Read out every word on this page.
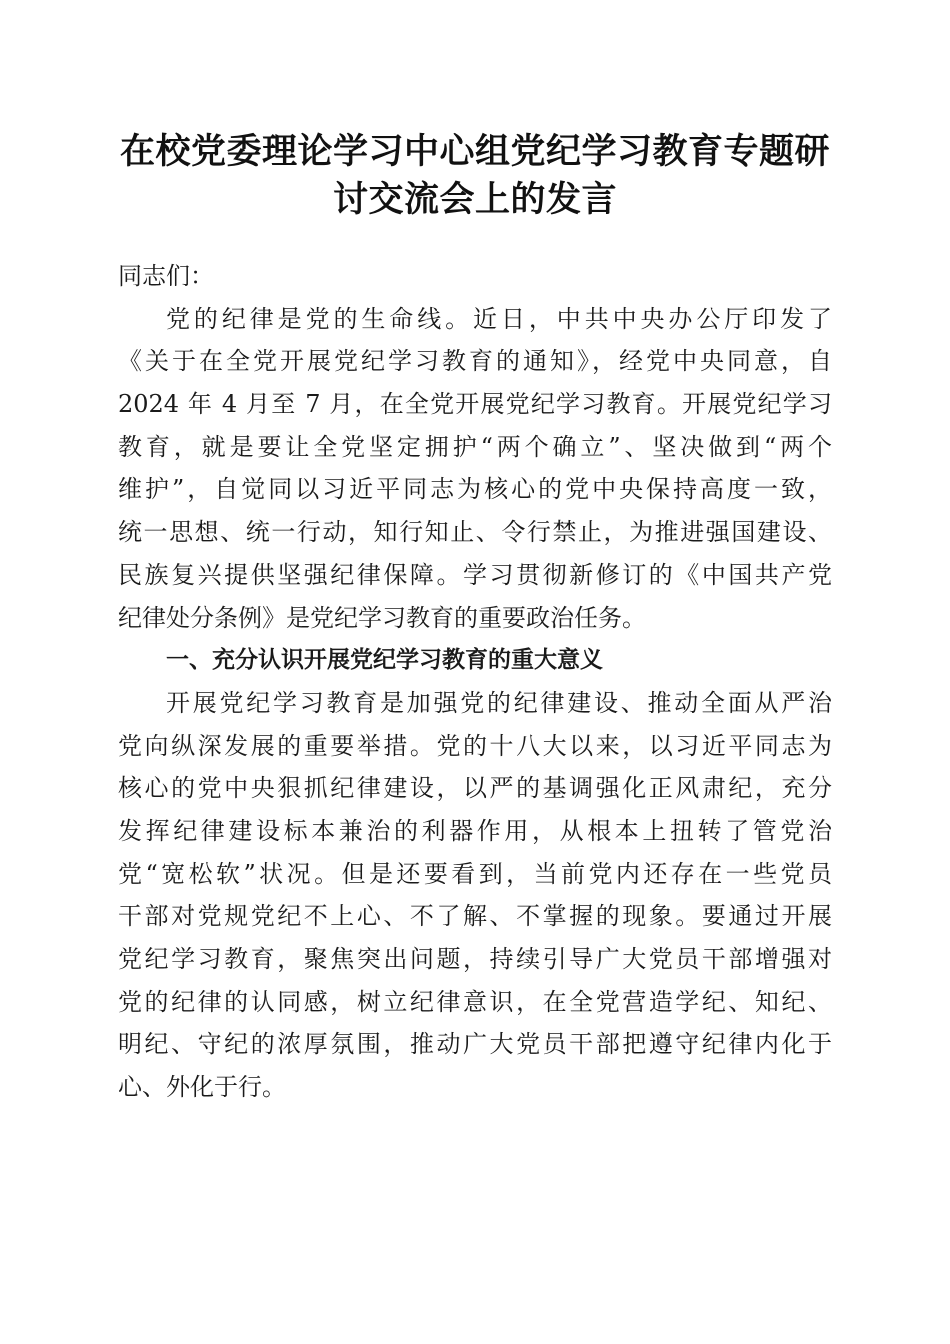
在校党委理论学习中心组党纪学习教育专题研
讨交流会上的发言
同志们：
党的纪律是党的生命线。近日，中共中央办公厅印发了
《关于在全党开展党纪学习教育的通知》，经党中央同意，自
2024 年 4 月至 7 月，在全党开展党纪学习教育。开展党纪学习
教育，就是要让全党坚定拥护“两个确立”、坚决做到“两个
维护”，自觉同以习近平同志为核心的党中央保持高度一致，
统一思想、统一行动，知行知止、令行禁止，为推进强国建设、
民族复兴提供坚强纪律保障。学习贯彻新修订的《中国共产党
纪律处分条例》是党纪学习教育的重要政治任务。
一、充分认识开展党纪学习教育的重大意义
开展党纪学习教育是加强党的纪律建设、推动全面从严治
党向纵深发展的重要举措。党的十八大以来，以习近平同志为
核心的党中央狠抓纪律建设，以严的基调强化正风肃纪，充分
发挥纪律建设标本兼治的利器作用，从根本上扭转了管党治
党“宽松软”状况。但是还要看到，当前党内还存在一些党员
干部对党规党纪不上心、不了解、不掌握的现象。要通过开展
党纪学习教育，聚焦突出问题，持续引导广大党员干部增强对
党的纪律的认同感，树立纪律意识，在全党营造学纪、知纪、
明纪、守纪的浓厚氛围，推动广大党员干部把遵守纪律内化于
心、外化于行。
